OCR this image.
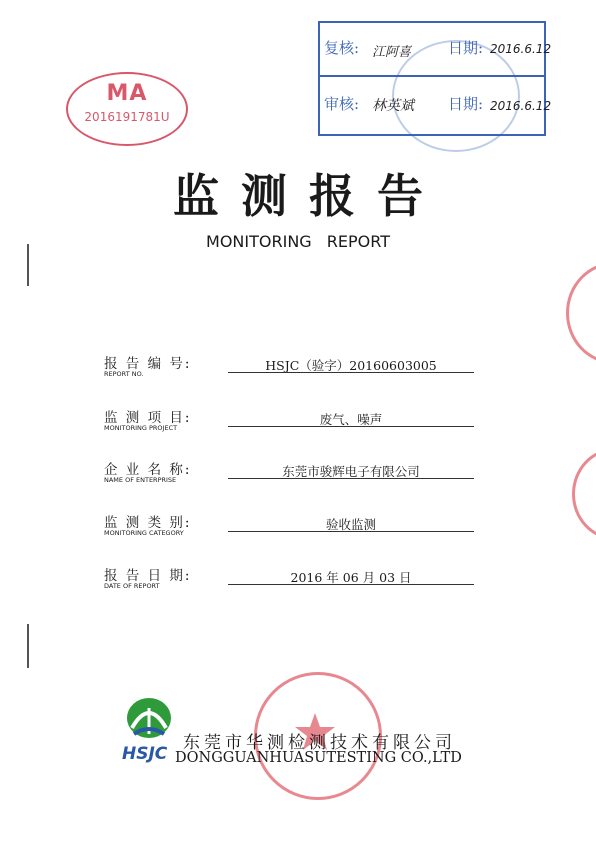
MA
2016191781U
复核: 江阿喜 日期: 2016.6.12
审核: 林英斌 日期: 2016.6.12
监测报告
MONITORING REPORT
报 告 编 号:
REPORT NO.
HSJC（验字）20160603005
监 测 项 目:
MONITORING PROJECT
废气、噪声
企 业 名 称:
NAME OF ENTERPRISE
东莞市骏辉电子有限公司
监 测 类 别:
MONITORING CATEGORY
验收监测
报 告 日 期:
DATE OF REPORT
2016 年 06 月 03 日
HSJC
东莞市华测检测技术有限公司
DONGGUANHUASUTESTING CO.,LTD
